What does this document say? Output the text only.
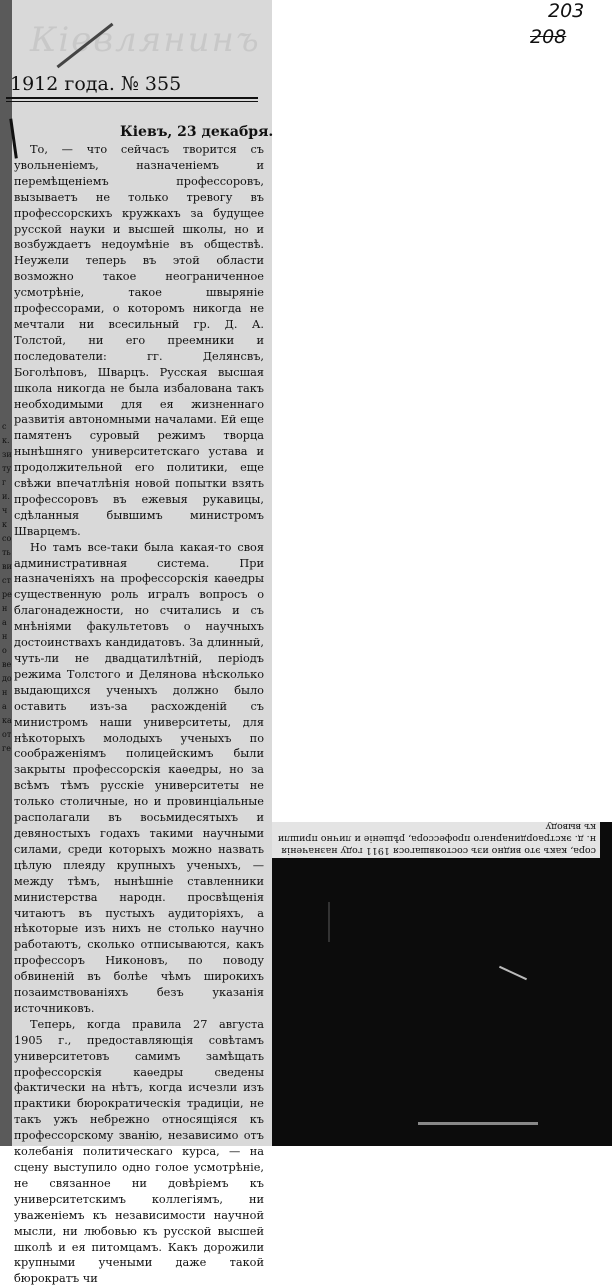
сора, какъ это видно изъ состоявшагося 1911 году назначенія н. д. экстраординарнаго профессора, рѣшеніе и лично пришли къ выводу
203
208
ск. зи ту ги. ч к со ть ви ст ре на но ве до на ка от ге
Кіевлянинъ
1912 года. № 355
Кіевъ, 23 декабря.

То, — что сейчасъ творится съ увольненіемъ, назначеніемъ и перемѣщеніемъ профессоровъ, вызываетъ не только тревогу въ профессорскихъ кружкахъ за будущее русской науки и высшей школы, но и возбуждаетъ недоумѣніе въ обществѣ. Неужели теперь въ этой области возможно такое неограниченное усмотрѣніе, такое швыряніе профессорами, о которомъ никогда не мечтали ни всесильный гр. Д. А. Толстой, ни его преемники и последователи: гг. Делянсвъ, Боголѣповъ, Шварцъ. Русская высшая школа никогда не была избалована такъ необходимыми для ея жизненнаго развитія автономными началами. Ей еще памятенъ суровый режимъ творца нынѣшняго университетскаго устава и продолжительной его политики, еще свѣжи впечатлѣнія новой попытки взять профессоровъ въ ежевыя рукавицы, сдѣланныя бывшимъ министромъ Шварцемъ.

Но тамъ все-таки была какая-то своя административная система. При назначеніяхъ на профессорскія каѳедры существенную роль игралъ вопросъ о благонадежности, но считались и съ мнѣніями факультетовъ о научныхъ достоинствахъ кандидатовъ. За длинный, чуть-ли не двадцатилѣтній, періодъ режима Толстого и Делянова нѣсколько выдающихся ученыхъ должно было оставить изъ-за расхожденій съ министромъ наши университеты, для нѣкоторыхъ молодыхъ ученыхъ по соображеніямъ полицейскимъ были закрыты профессорскія каѳедры, но за всѣмъ тѣмъ русскіе университеты не только столичные, но и провинціальные располагали въ восьмидесятыхъ и девяностыхъ годахъ такими научными силами, среди которыхъ можно назвать цѣлую плеяду крупныхъ ученыхъ, — между тѣмъ, нынѣшніе ставленники министерства народн. просвѣщенія читаютъ въ пустыхъ аудиторіяхъ, а нѣкоторые изъ нихъ не столько научно работаютъ, сколько отписываются, какъ профессоръ Никоновъ, по поводу обвиненій въ болѣе чѣмъ широкихъ позаимствованіяхъ безъ указанія источниковъ.

Теперь, когда правила 27 августа 1905 г., предоставляющія совѣтамъ университетовъ самимъ замѣщать профессорскія каѳедры сведены фактически на нѣтъ, когда исчезли изъ практики бюрократическія традиціи, не такъ ужъ небрежно относящіяся къ профессорскому званію, независимо отъ колебанія политическаго курса, — на сцену выступило одно голое усмотрѣніе, не связанное ни довѣріемъ къ университетскимъ коллегіямъ, ни уваженіемъ къ независимости научной мысли, ни любовью къ русской высшей школѣ и ея питомцамъ. Какъ дорожили крупными учеными даже такой бюрократъ чи
